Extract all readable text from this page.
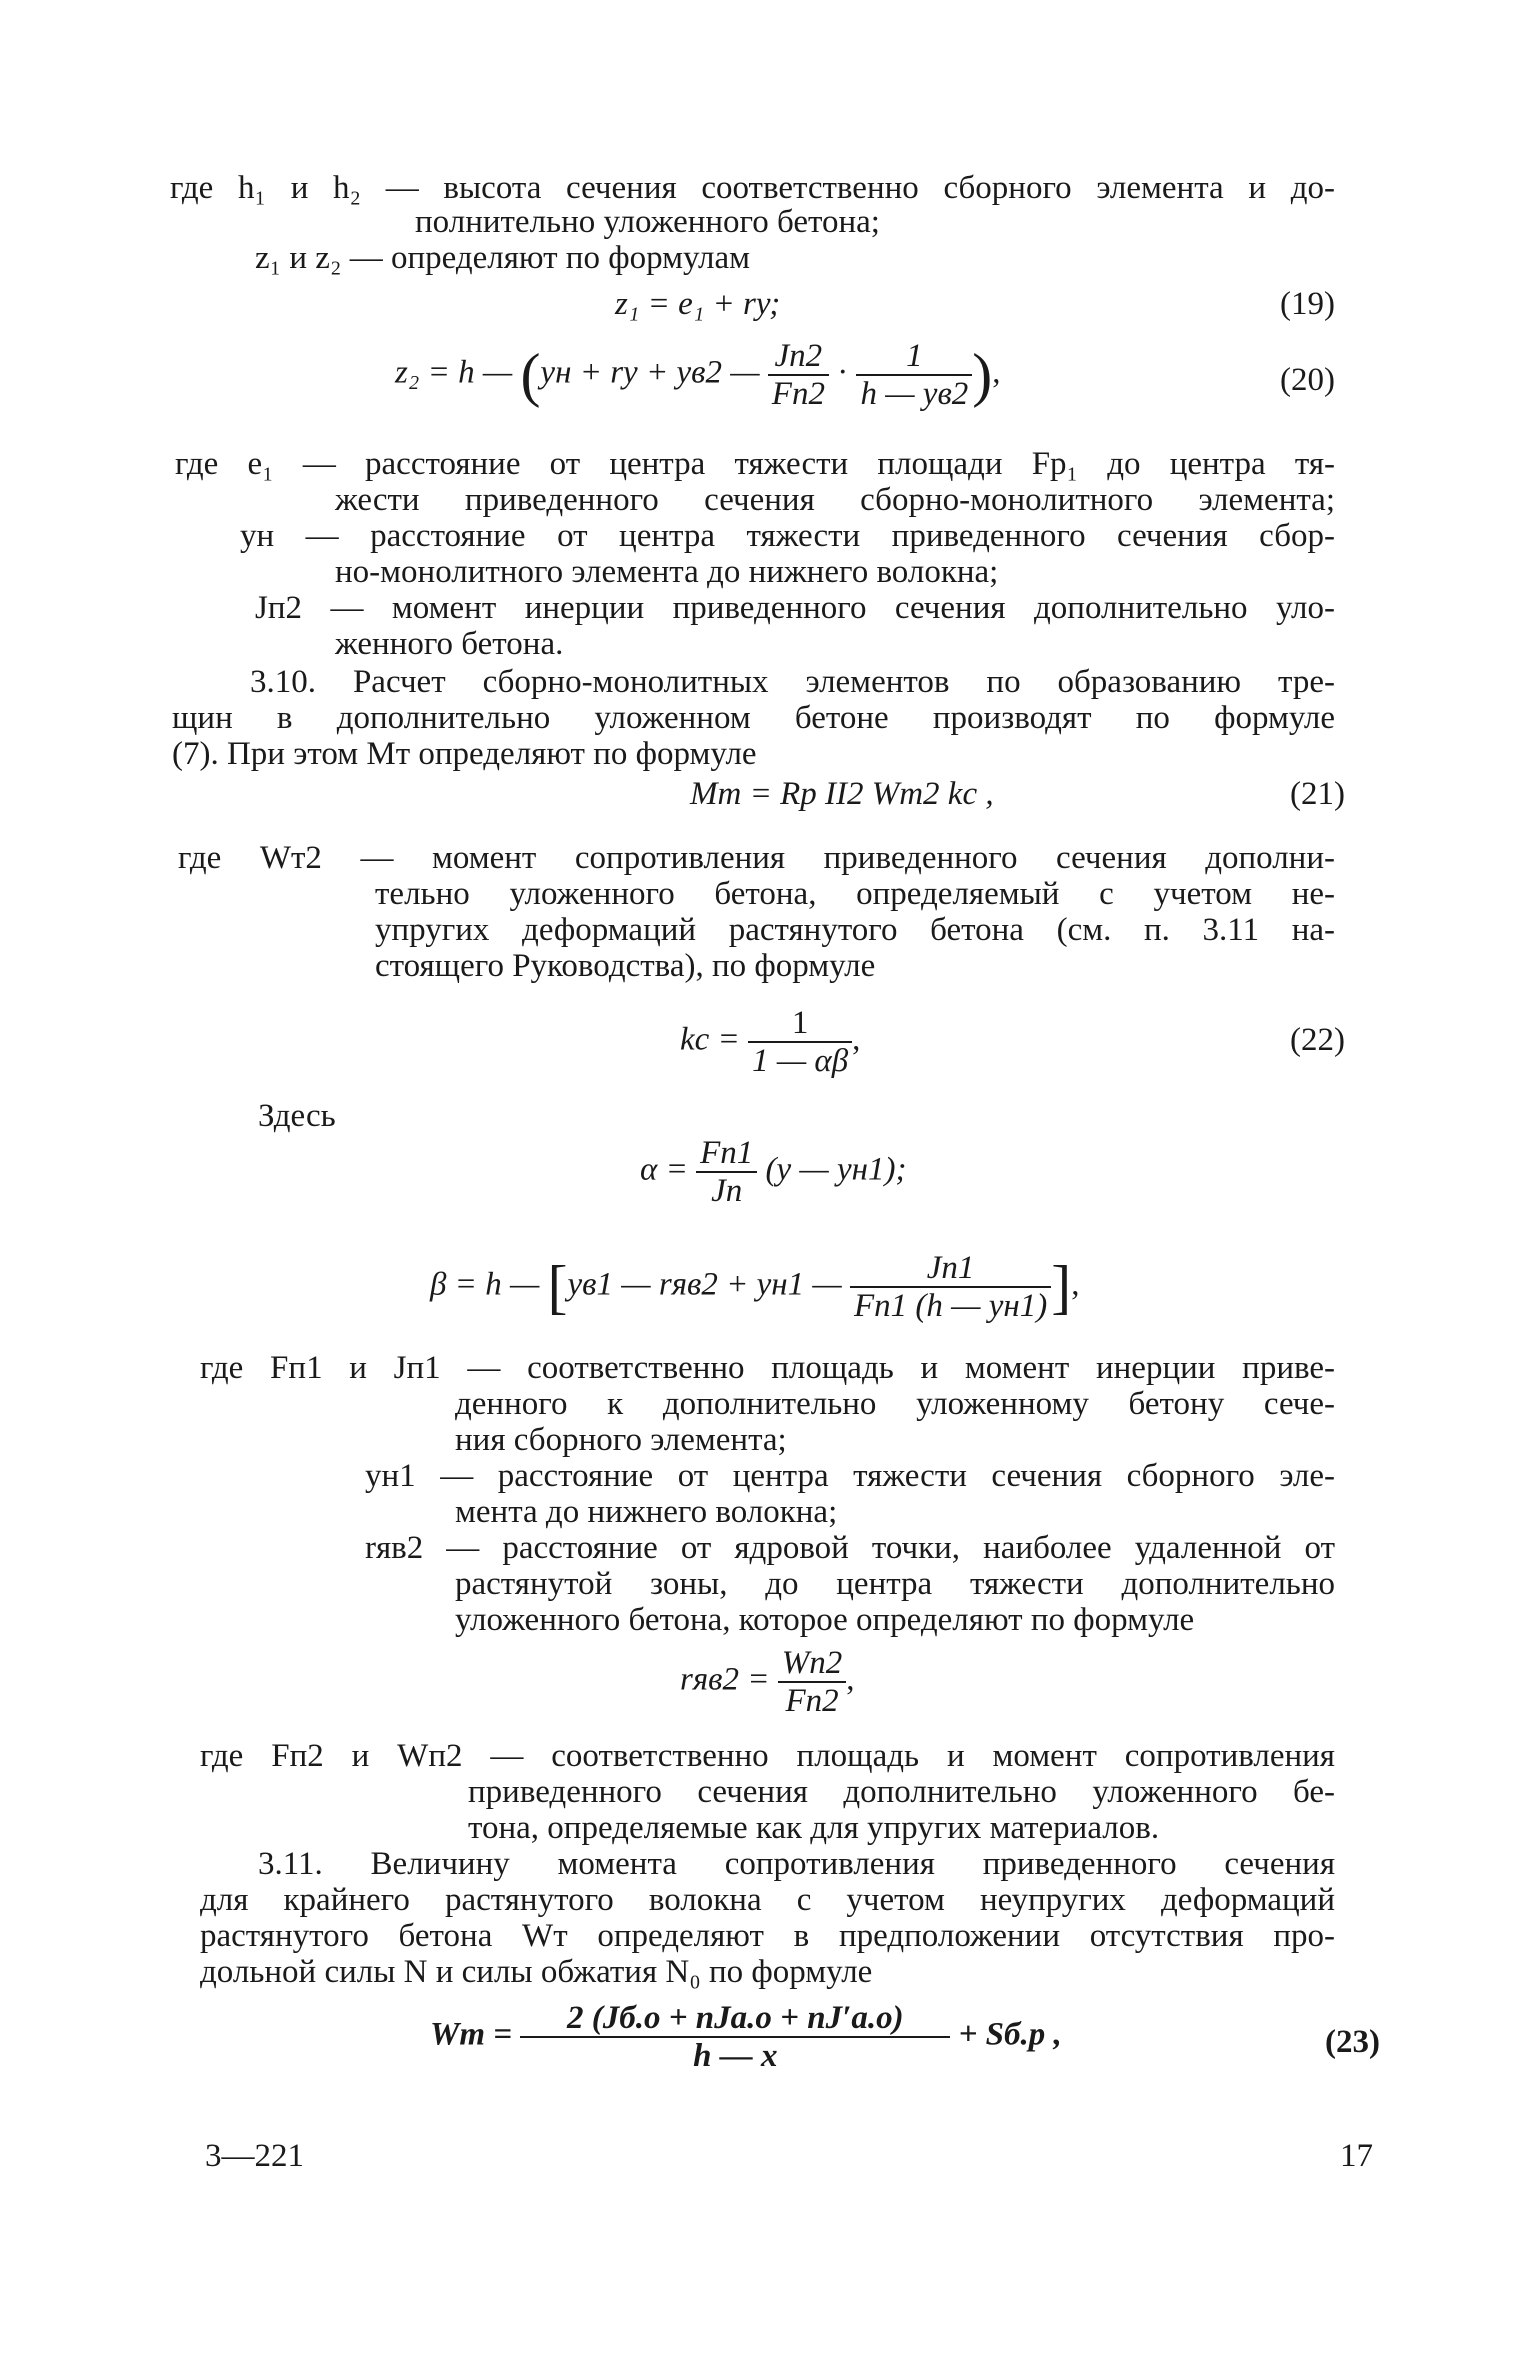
где h₁ и h₂ — высота сечения соответственно сборного элемента и до-
полнительно уложенного бетона;
z₁ и z₂ — определяют по формулам
z₁ = e₁ + rу;	(19)
z₂ = h — (yн + rу + yв2 — $\frac{Jп2}{Fп2} \cdot \frac{1}{h — yв2}$ ),	(20)
где e₁ — расстояние от центра тяжести площади Fр₁ до центра тя-
жести приведенного сечения сборно-монолитного элемента;
yн — расстояние от центра тяжести приведенного сечения сбор-
но-монолитного элемента до нижнего волокна;
Jп2 — момент инерции приведенного сечения дополнительно уло-
женного бетона.
3.10. Расчет сборно-монолитных элементов по образованию тре-
щин в дополнительно уложенном бетоне производят по формуле
(7). При этом Mт определяют по формуле
Mт = Rр II2 Wт2 kс ,	(21)
где Wт2 — момент сопротивления приведенного сечения дополни-
тельно уложенного бетона, определяемый с учетом не-
упругих деформаций растянутого бетона (см. п. 3.11 на-
стоящего Руководства), по формуле
kс = $\frac{1}{1 — \alpha\beta}$ ,	(22)
Здесь
$\alpha = \frac{Fп1}{Jп} (y$ — yн1);
β = h — [yв1 — rяв2 + yн1 — $\frac{Jп1}{Fп1 (h — yн1)}$ ],
где Fп1 и Jп1 — соответственно площадь и момент инерции приве-
денного к дополнительно уложенному бетону сече-
ния сборного элемента;
yн1 — расстояние от центра тяжести сечения сборного эле-
мента до нижнего волокна;
rяв2 — расстояние от ядровой точки, наиболее удаленной от
растянутой зоны, до центра тяжести дополнительно
уложенного бетона, которое определяют по формуле
$rяв2 = \frac{Wп2}{Fп2}$ ,
где Fп2 и Wп2 — соответственно площадь и момент сопротивления
приведенного сечения дополнительно уложенного бе-
тона, определяемые как для упругих материалов.
3.11. Величину момента сопротивления приведенного сечения
для крайнего растянутого волокна с учетом неупругих деформаций
растянутого бетона Wт определяют в предположении отсутствия про-
дольной силы N и силы обжатия N₀ по формуле
Wт = $\frac{\text{2 (Jб.о + nJа.о + nJ′а.о)}}{h — x} + Sб.р$ ,	(23)
3—221	17
